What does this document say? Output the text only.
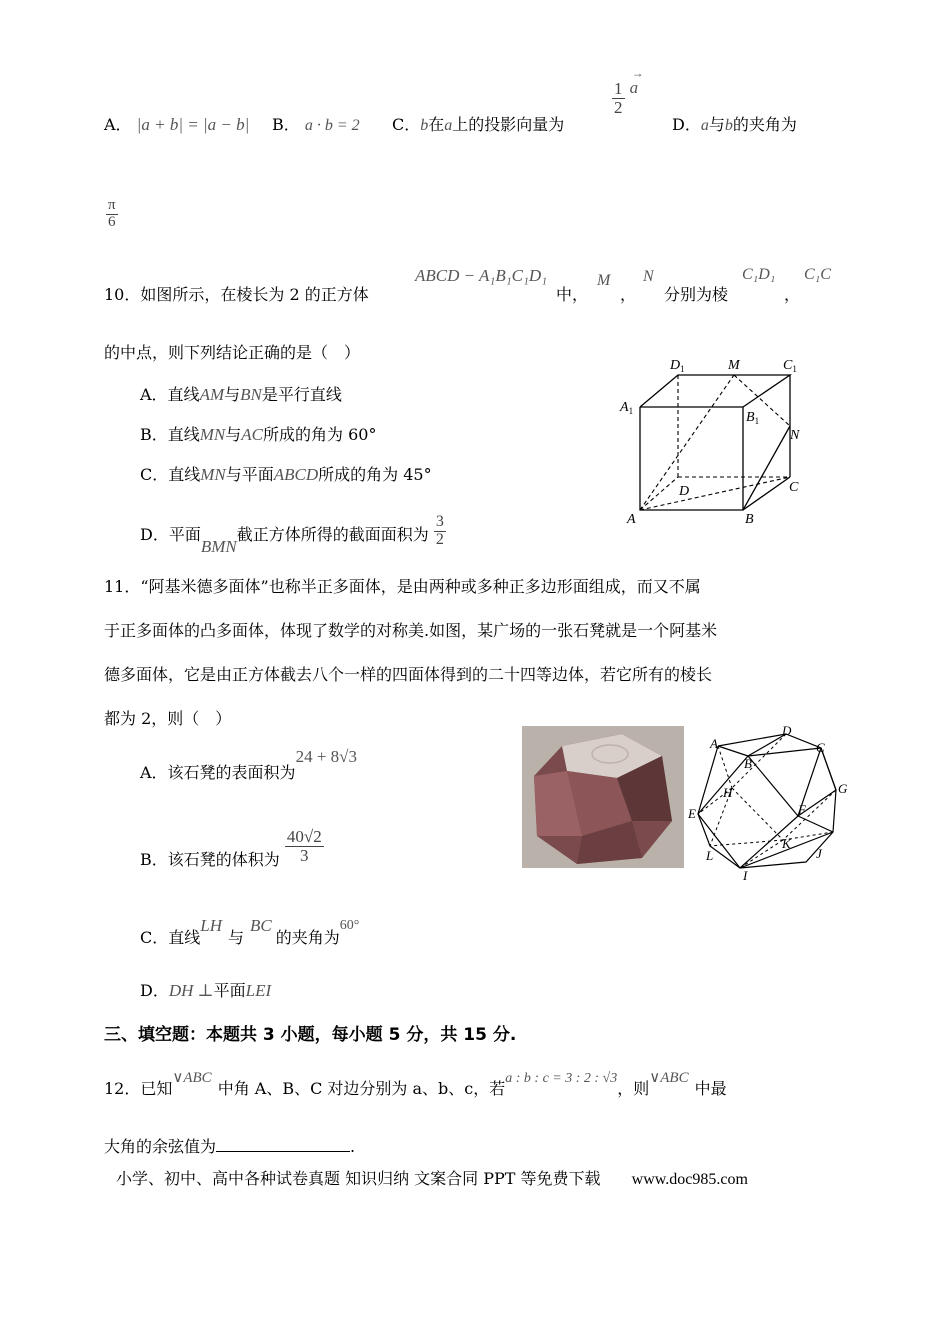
A． |a + b| = |a − b| B． a · b = 2 C．b在a上的投影向量为
$\frac{1}{2}$

→
a
D．a与b的夹角为
$\frac{\pi}{6}$
10．如图所示，在棱长为 2 的正方体
ABCD − A₁B₁C₁D₁
中，
M
，
N
分别为棱
C₁D₁
，
C₁C
的中点，则下列结论正确的是（　）
A．直线AM与BN是平行直线
B．直线MN与AC所成的角为 60°
C．直线MN与平面ABCD所成的角为 45°
D．平面BMN截正方体所得的截面面积为 $\frac{3}{2}$
$D_1$	M	$C_1$
$A_1$	$B_1$
N
D	C
A	B
11．“阿基米德多面体”也称半正多面体，是由两种或多种正多边形面组成，而又不属
于正多面体的凸多面体，体现了数学的对称美.如图，某广场的一张石凳就是一个阿基米
德多面体，它是由正方体截去八个一样的四面体得到的二十四等边体，若它所有的棱长
都为 2，则（　）
A．该石凳的表面积为24 + 8√3
B．该石凳的体积为 $\frac{40√2}{3}$
C．直线LH与BC的夹角为60°
D．DH ⊥平面LEI
A
D
C
B
G
H
E	F
L
K
J
I
三、填空题：本题共 3 小题，每小题 5 分，共 15 分.
12．已知∨ABC中角 A、B、C 对边分别为 a、b、c，若a : b : c = 3 : 2 : √3，则∨ABC中最
大角的余弦值为	.
小学、初中、高中各种试卷真题 知识归纳 文案合同 PPT 等免费下载 www.doc985.com
